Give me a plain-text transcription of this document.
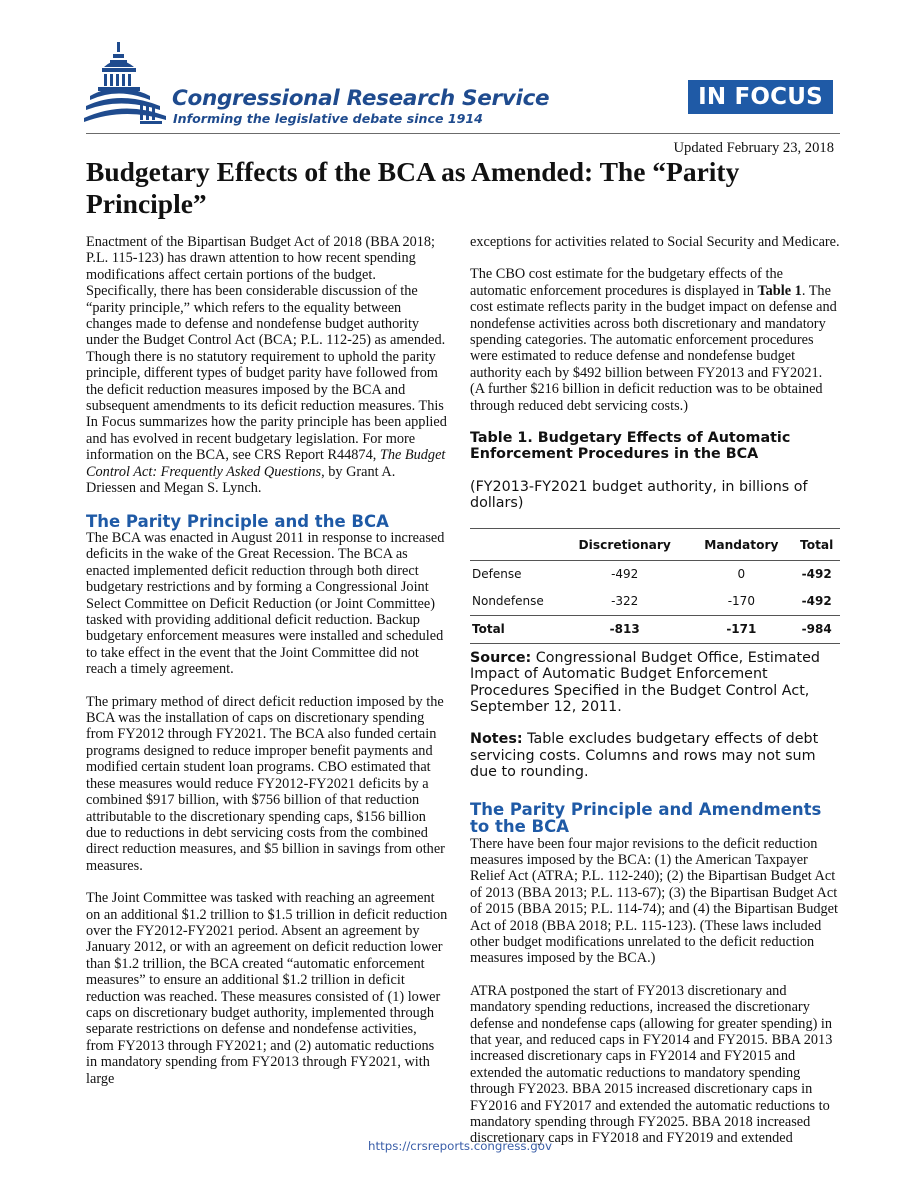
Congressional Research Service
Informing the legislative debate since 1914
IN FOCUS
Updated February 23, 2018
Budgetary Effects of the BCA as Amended: The “Parity Principle”

Enactment of the Bipartisan Budget Act of 2018 (BBA 2018; P.L. 115-123) has drawn attention to how recent spending modifications affect certain portions of the budget. Specifically, there has been considerable discussion of the “parity principle,” which refers to the equality between changes made to defense and nondefense budget authority under the Budget Control Act (BCA; P.L. 112-25) as amended. Though there is no statutory requirement to uphold the parity principle, different types of budget parity have followed from the deficit reduction measures imposed by the BCA and subsequent amendments to its deficit reduction measures. This In Focus summarizes how the parity principle has been applied and has evolved in recent budgetary legislation. For more information on the BCA, see CRS Report R44874, The Budget Control Act: Frequently Asked Questions, by Grant A. Driessen and Megan S. Lynch.

The Parity Principle and the BCA

The BCA was enacted in August 2011 in response to increased deficits in the wake of the Great Recession. The BCA as enacted implemented deficit reduction through both direct budgetary restrictions and by forming a Congressional Joint Select Committee on Deficit Reduction (or Joint Committee) tasked with providing additional deficit reduction. Backup budgetary enforcement measures were installed and scheduled to take effect in the event that the Joint Committee did not reach a timely agreement.

The primary method of direct deficit reduction imposed by the BCA was the installation of caps on discretionary spending from FY2012 through FY2021. The BCA also funded certain programs designed to reduce improper benefit payments and modified certain student loan programs. CBO estimated that these measures would reduce FY2012-FY2021 deficits by a combined $917 billion, with $756 billion of that reduction attributable to the discretionary spending caps, $156 billion due to reductions in debt servicing costs from the combined direct reduction measures, and $5 billion in savings from other measures.

The Joint Committee was tasked with reaching an agreement on an additional $1.2 trillion to $1.5 trillion in deficit reduction over the FY2012-FY2021 period. Absent an agreement by January 2012, or with an agreement on deficit reduction lower than $1.2 trillion, the BCA created “automatic enforcement measures” to ensure an additional $1.2 trillion in deficit reduction was reached. These measures consisted of (1) lower caps on discretionary budget authority, implemented through separate restrictions on defense and nondefense activities, from FY2013 through FY2021; and (2) automatic reductions in mandatory spending from FY2013 through FY2021, with large

exceptions for activities related to Social Security and Medicare.

The CBO cost estimate for the budgetary effects of the automatic enforcement procedures is displayed in Table 1. The cost estimate reflects parity in the budget impact on defense and nondefense activities across both discretionary and mandatory spending categories. The automatic enforcement procedures were estimated to reduce defense and nondefense budget authority each by $492 billion between FY2013 and FY2021. (A further $216 billion in deficit reduction was to be obtained through reduced debt servicing costs.)

Table 1. Budgetary Effects of Automatic Enforcement Procedures in the BCA

(FY2013-FY2021 budget authority, in billions of dollars)

	Discretionary	Mandatory	Total
Defense	-492	0	-492
Nondefense	-322	-170	-492
Total	-813	-171	-984

Source: Congressional Budget Office, Estimated Impact of Automatic Budget Enforcement Procedures Specified in the Budget Control Act, September 12, 2011.

Notes: Table excludes budgetary effects of debt servicing costs. Columns and rows may not sum due to rounding.

The Parity Principle and Amendments to the BCA

There have been four major revisions to the deficit reduction measures imposed by the BCA: (1) the American Taxpayer Relief Act (ATRA; P.L. 112-240); (2) the Bipartisan Budget Act of 2013 (BBA 2013; P.L. 113-67); (3) the Bipartisan Budget Act of 2015 (BBA 2015; P.L. 114-74); and (4) the Bipartisan Budget Act of 2018 (BBA 2018; P.L. 115-123). (These laws included other budget modifications unrelated to the deficit reduction measures imposed by the BCA.)

ATRA postponed the start of FY2013 discretionary and mandatory spending reductions, increased the discretionary defense and nondefense caps (allowing for greater spending) in that year, and reduced caps in FY2014 and FY2015. BBA 2013 increased discretionary caps in FY2014 and FY2015 and extended the automatic reductions to mandatory spending through FY2023. BBA 2015 increased discretionary caps in FY2016 and FY2017 and extended the automatic reductions to mandatory spending through FY2025. BBA 2018 increased discretionary caps in FY2018 and FY2019 and extended

https://crsreports.congress.gov
